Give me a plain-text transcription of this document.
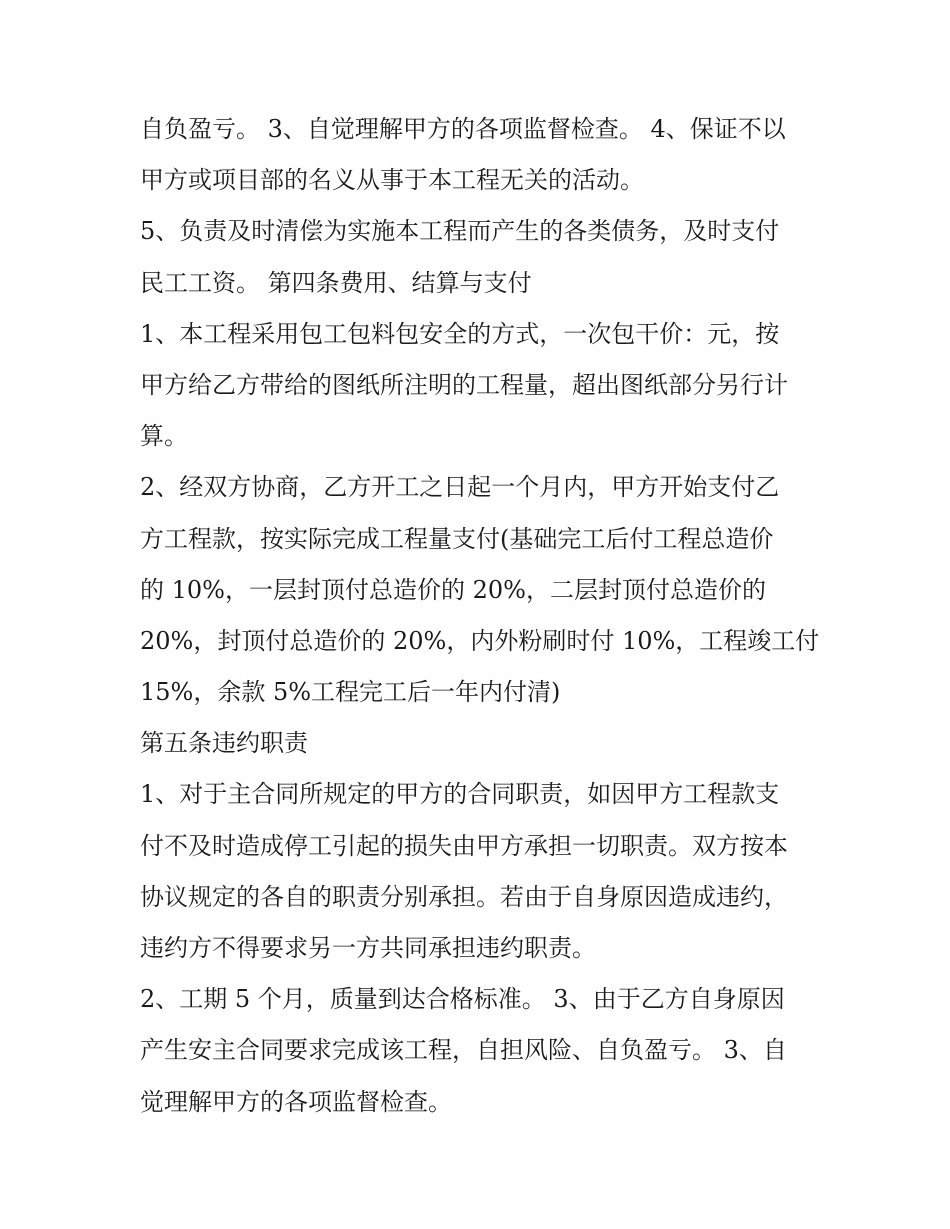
自负盈亏。 3、自觉理解甲方的各项监督检查。 4、保证不以
甲方或项目部的名义从事于本工程无关的活动。
5、负责及时清偿为实施本工程而产生的各类债务，及时支付
民工工资。 第四条费用、结算与支付
1、本工程采用包工包料包安全的方式，一次包干价：元，按
甲方给乙方带给的图纸所注明的工程量，超出图纸部分另行计
算。
2、经双方协商，乙方开工之日起一个月内，甲方开始支付乙
方工程款，按实际完成工程量支付(基础完工后付工程总造价
的 10%，一层封顶付总造价的 20%，二层封顶付总造价的
20%，封顶付总造价的 20%，内外粉刷时付 10%，工程竣工付
15%，余款 5%工程完工后一年内付清)
第五条违约职责
1、对于主合同所规定的甲方的合同职责，如因甲方工程款支
付不及时造成停工引起的损失由甲方承担一切职责。双方按本
协议规定的各自的职责分别承担。若由于自身原因造成违约，
违约方不得要求另一方共同承担违约职责。
2、工期 5 个月，质量到达合格标准。 3、由于乙方自身原因
产生安主合同要求完成该工程，自担风险、自负盈亏。 3、自
觉理解甲方的各项监督检查。
